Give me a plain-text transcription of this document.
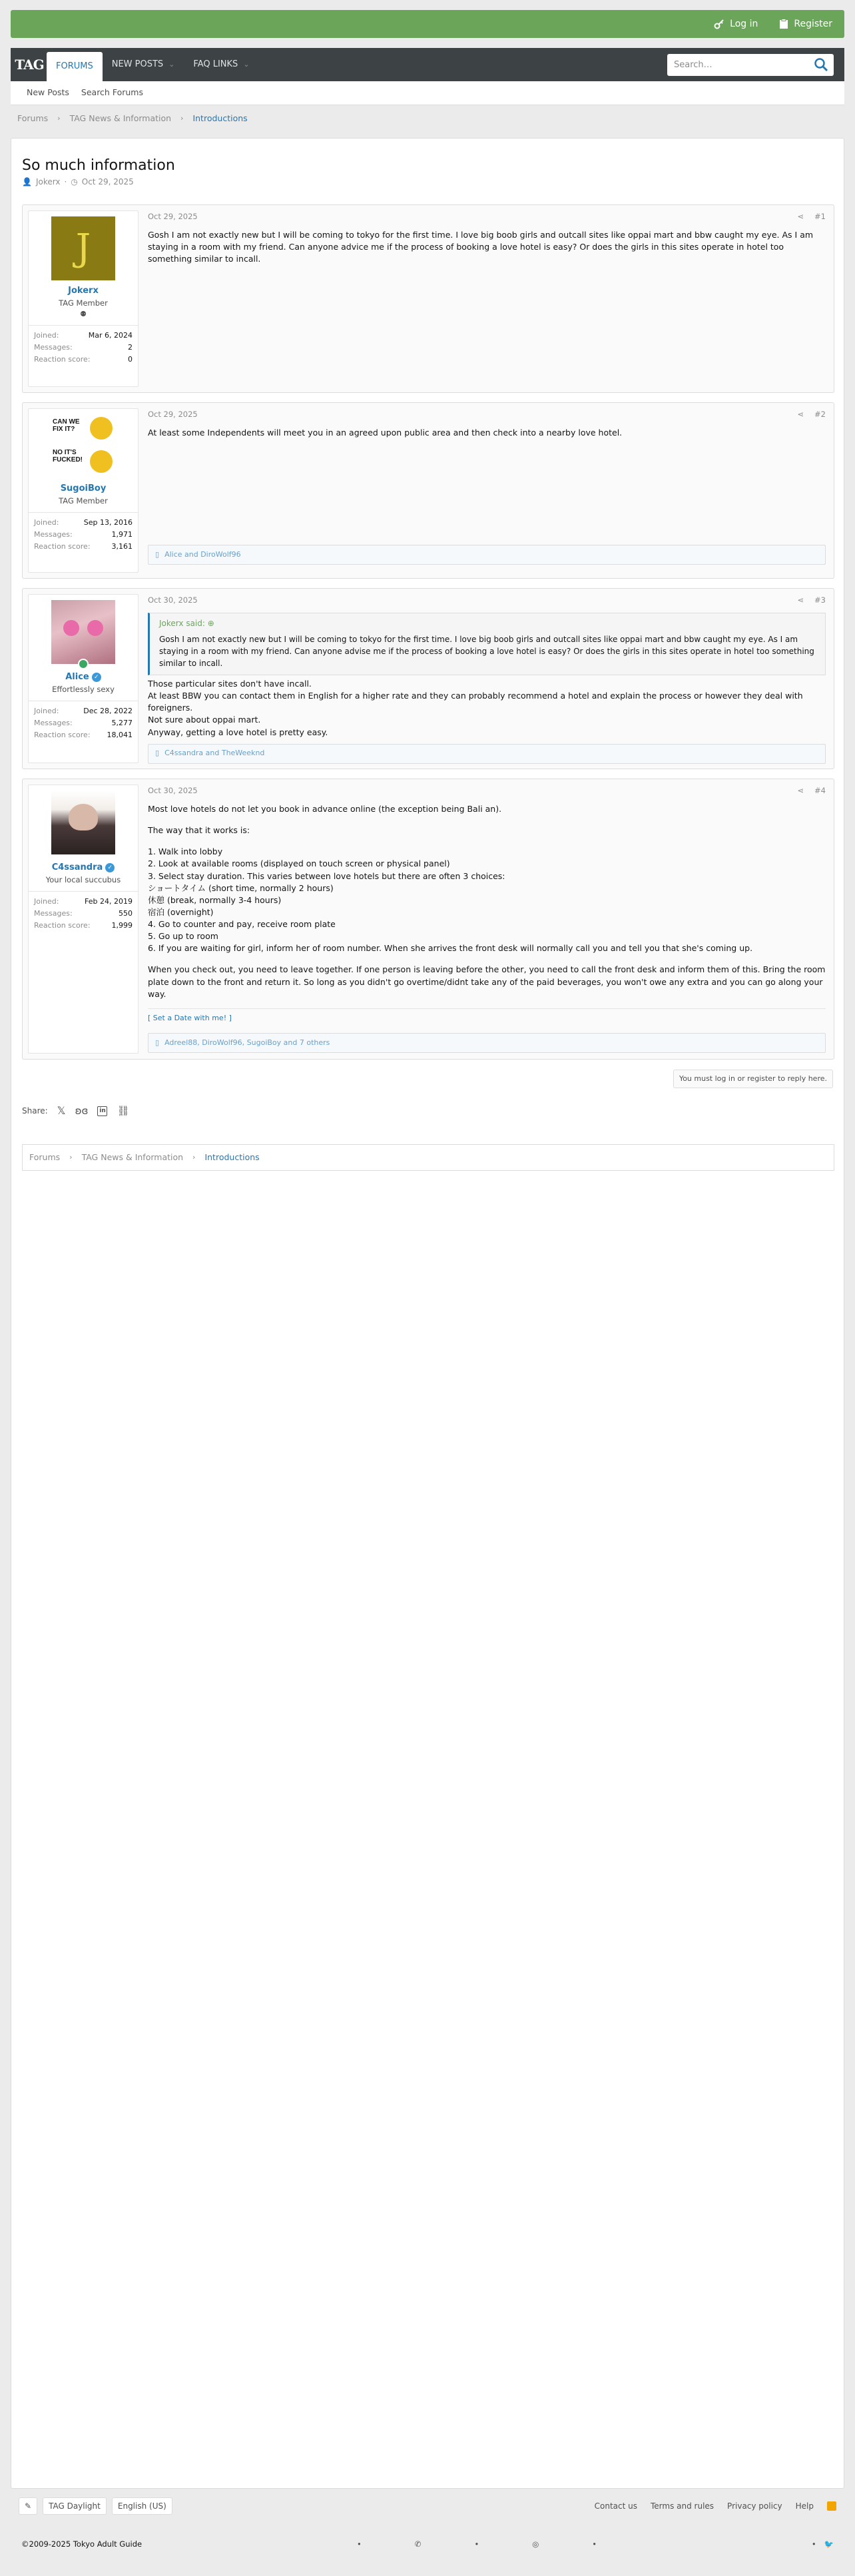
Log in	Register
TAG	FORUMS NEW POSTS ⌄ FAQ LINKS ⌄	Search…
New Posts Search Forums
Forums › TAG News & Information › Introductions
So much information
👤 Jokerx · ◷ Oct 29, 2025
J
Jokerx
TAG Member
⚉
Joined:	Mar 6, 2024
Messages:	2
Reaction score:	0
Oct 29, 2025	⋖ #1
Gosh I am not exactly new but I will be coming to tokyo for the first time. I love big boob girls and outcall sites like oppai mart and bbw caught my eye. As I am staying in a room with my friend. Can anyone advice me if the process of booking a love hotel is easy? Or does the girls in this sites operate in hotel too something similar to incall.
CAN WE FIX IT?
NO IT'S FUCKED!
SugoiBoy
TAG Member
Joined:	Sep 13, 2016
Messages:	1,971
Reaction score:	3,161
Oct 29, 2025	⋖ #2
At least some Independents will meet you in an agreed upon public area and then check into a nearby love hotel.
▯ Alice and DiroWolf96
Alice ✓
Effortlessly sexy
Joined:	Dec 28, 2022
Messages:	5,277
Reaction score: 18,041
Oct 30, 2025	⋖ #3
Jokerx said: ⊕
Gosh I am not exactly new but I will be coming to tokyo for the first time. I love big boob girls and outcall sites like oppai mart and bbw caught my eye. As I am staying in a room with my friend. Can anyone advise me if the process of booking a love hotel is easy? Or does the girls in this sites operate in hotel too something similar to incall.

Those particular sites don't have incall.

At least BBW you can contact them in English for a higher rate and they can probably recommend a hotel and explain the process or however they deal with foreigners.

Not sure about oppai mart.

Anyway, getting a love hotel is pretty easy.

▯ C4ssandra and TheWeeknd
C4ssandra ✓
Your local succubus
Joined:	Feb 24, 2019
Messages:	550
Reaction score:	1,999
Oct 30, 2025	⋖ #4

Most love hotels do not let you book in advance online (the exception being Bali an).

The way that it works is:

1. Walk into lobby

2. Look at available rooms (displayed on touch screen or physical panel)

3. Select stay duration. This varies between love hotels but there are often 3 choices:

ショートタイム (short time, normally 2 hours)

休憩 (break, normally 3-4 hours)

宿泊 (overnight)

4. Go to counter and pay, receive room plate

5. Go up to room

6. If you are waiting for girl, inform her of room number. When she arrives the front desk will normally call you and tell you that she's coming up.

When you check out, you need to leave together. If one person is leaving before the other, you need to call the front desk and inform them of this. Bring the room plate down to the front and return it. So long as you didn't go overtime/didnt take any of the paid beverages, you won't owe any extra and you can go along your way.

[ Set a Date with me! ]
▯ Adreel88, DiroWolf96, SugoiBoy and 7 others
You must log in or register to reply here.
Share: 𝕏 ʚɞ	in ⛓
Forums › TAG News & Information › Introductions
✎	TAG Daylight	English (US)	Contact us Terms and rules Privacy policy Help
©2009-2025 Tokyo Adult Guide	•	✆	•	◎	•	• 🐦
